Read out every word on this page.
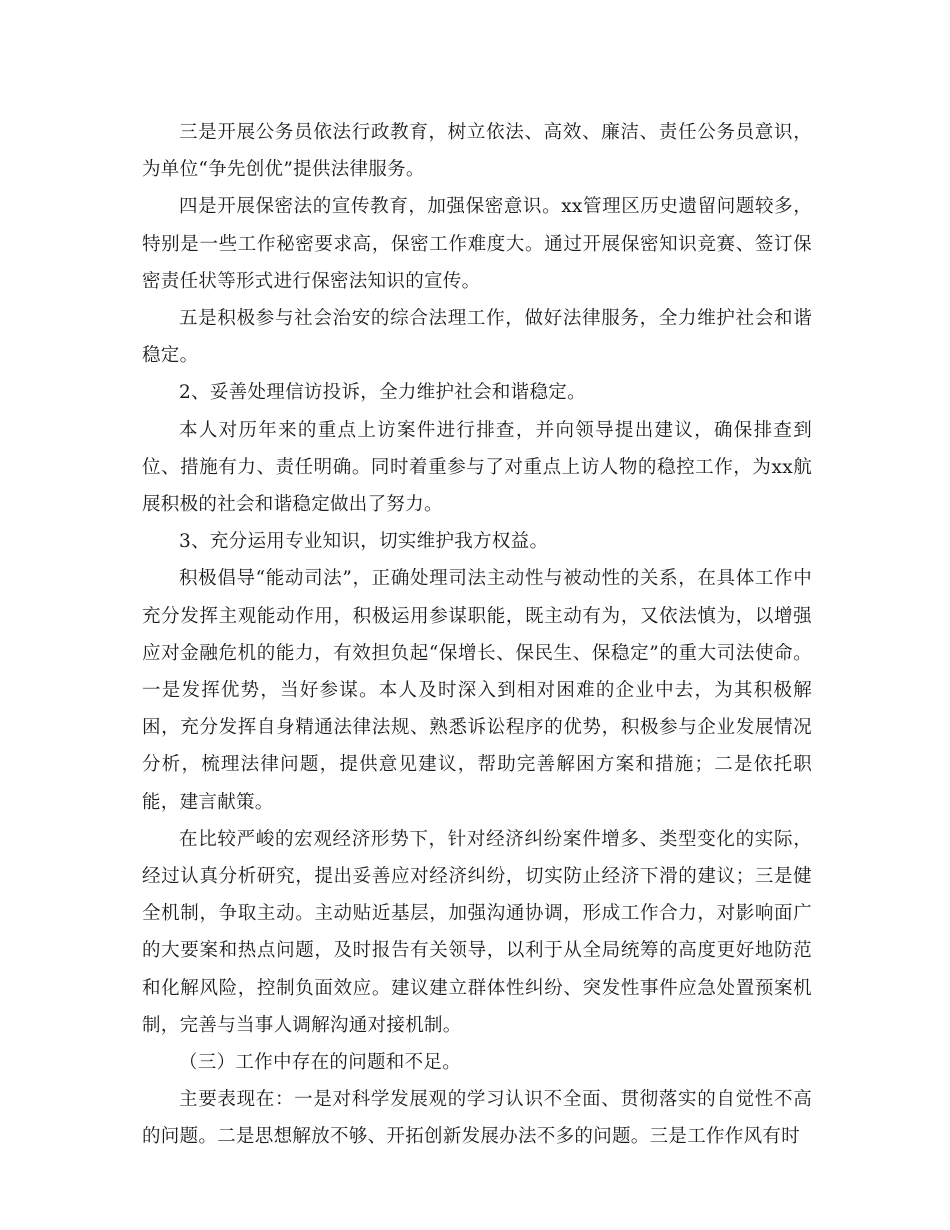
三是开展公务员依法行政教育，树立依法、高效、廉洁、责任公务员意识，为单位“争先创优”提供法律服务。

四是开展保密法的宣传教育，加强保密意识。xx管理区历史遗留问题较多，特别是一些工作秘密要求高，保密工作难度大。通过开展保密知识竞赛、签订保密责任状等形式进行保密法知识的宣传。

五是积极参与社会治安的综合法理工作，做好法律服务，全力维护社会和谐稳定。

2、妥善处理信访投诉，全力维护社会和谐稳定。

本人对历年来的重点上访案件进行排查，并向领导提出建议，确保排查到位、措施有力、责任明确。同时着重参与了对重点上访人物的稳控工作，为xx航展积极的社会和谐稳定做出了努力。

3、充分运用专业知识，切实维护我方权益。

积极倡导“能动司法”，正确处理司法主动性与被动性的关系，在具体工作中充分发挥主观能动作用，积极运用参谋职能，既主动有为，又依法慎为，以增强应对金融危机的能力，有效担负起“保增长、保民生、保稳定”的重大司法使命。一是发挥优势，当好参谋。本人及时深入到相对困难的企业中去，为其积极解困，充分发挥自身精通法律法规、熟悉诉讼程序的优势，积极参与企业发展情况分析，梳理法律问题，提供意见建议，帮助完善解困方案和措施；二是依托职能，建言献策。

在比较严峻的宏观经济形势下，针对经济纠纷案件增多、类型变化的实际，经过认真分析研究，提出妥善应对经济纠纷，切实防止经济下滑的建议；三是健全机制，争取主动。主动贴近基层，加强沟通协调，形成工作合力，对影响面广的大要案和热点问题，及时报告有关领导，以利于从全局统筹的高度更好地防范和化解风险，控制负面效应。建议建立群体性纠纷、突发性事件应急处置预案机制，完善与当事人调解沟通对接机制。

（三）工作中存在的问题和不足。

主要表现在：一是对科学发展观的学习认识不全面、贯彻落实的自觉性不高的问题。二是思想解放不够、开拓创新发展办法不多的问题。三是工作作风有时
